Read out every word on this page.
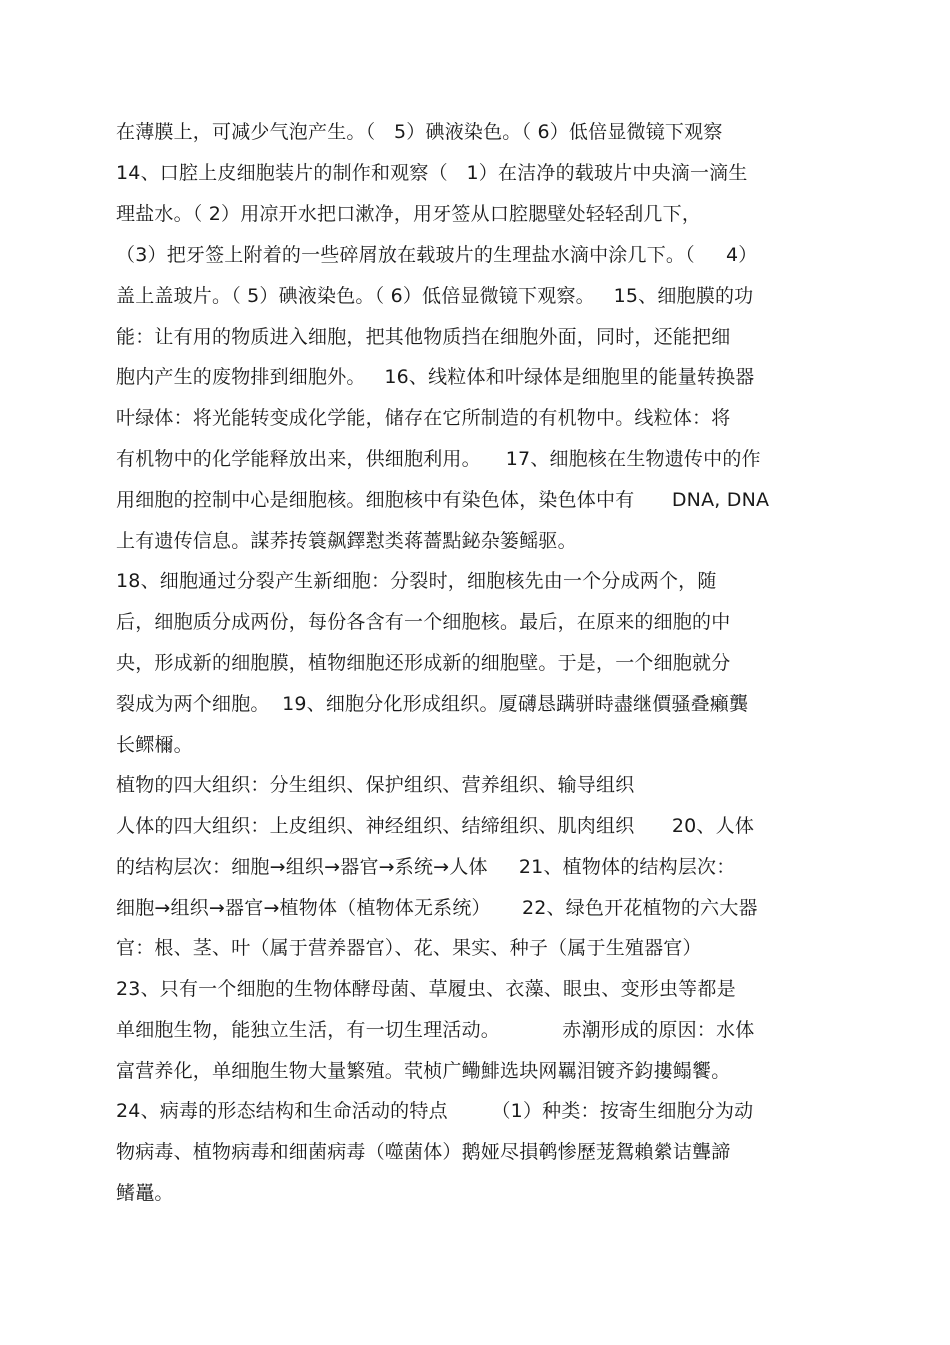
在薄膜上，可减少气泡产生。（   5）碘液染色。（ 6）低倍显微镜下观察
14、口腔上皮细胞装片的制作和观察（   1）在洁净的载玻片中央滴一滴生
理盐水。（ 2）用凉开水把口漱净，用牙签从口腔腮壁处轻轻刮几下，
（3）把牙签上附着的一些碎屑放在载玻片的生理盐水滴中涂几下。（     4）
盖上盖玻片。（ 5）碘液染色。（ 6）低倍显微镜下观察。   15、细胞膜的功
能：让有用的物质进入细胞，把其他物质挡在细胞外面，同时，还能把细
胞内产生的废物排到细胞外。   16、线粒体和叶绿体是细胞里的能量转换器
叶绿体：将光能转变成化学能，储存在它所制造的有机物中。线粒体：将
有机物中的化学能释放出来，供细胞利用。    17、细胞核在生物遗传中的作
用细胞的控制中心是细胞核。细胞核中有染色体，染色体中有      DNA, DNA
上有遗传信息。謀荞抟簑飙鐸懟类蒋薔點鉍杂篓鳐驱。
18、细胞通过分裂产生新细胞：分裂时，细胞核先由一个分成两个，随
后，细胞质分成两份，每份各含有一个细胞核。最后，在原来的细胞的中
央，形成新的细胞膜，植物细胞还形成新的细胞壁。于是，一个细胞就分
裂成为两个细胞。  19、细胞分化形成组织。厦礴恳蹒骈時盡继價骚叠癩龔
长鳏檷。
植物的四大组织：分生组织、保护组织、营养组织、输导组织
人体的四大组织：上皮组织、神经组织、结缔组织、肌肉组织      20、人体
的结构层次：细胞→组织→器官→系统→人体     21、植物体的结构层次：
细胞→组织→器官→植物体（植物体无系统）     22、绿色开花植物的六大器
官：根、茎、叶（属于营养器官）、花、果实、种子（属于生殖器官）
23、只有一个细胞的生物体酵母菌、草履虫、衣藻、眼虫、变形虫等都是
单细胞生物，能独立生活，有一切生理活动。          赤潮形成的原因：水体
富营养化，单细胞生物大量繁殖。茕桢广鳓鯡选块网羈泪镀齐鈞摟鳎饗。
24、病毒的形态结构和生命活动的特点       （1）种类：按寄生细胞分为动
物病毒、植物病毒和细菌病毒（噬菌体）鹅娅尽損鹌惨歷茏鴛賴縈诘聾諦
鳍鼉。
